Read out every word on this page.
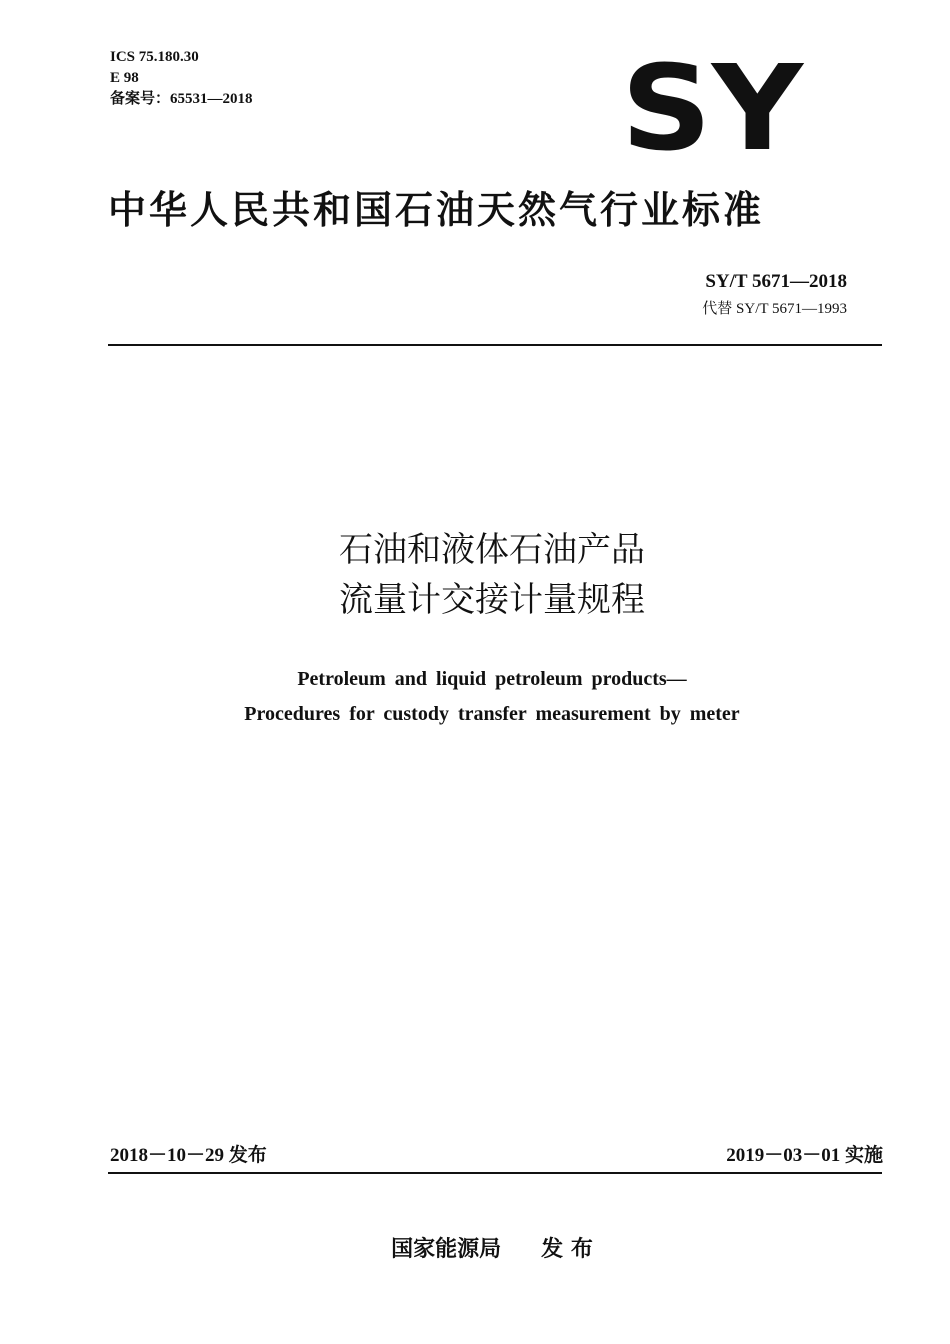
ICS 75.180.30
E 98
备案号：65531—2018	SY
中华人民共和国石油天然气行业标准
SY/T 5671—2018
代替 SY/T 5671—1993
石油和液体石油产品
流量计交接计量规程
Petroleum and liquid petroleum products—
Procedures for custody transfer measurement by meter
2018－10－29 发布	2019－03－01 实施
国家能源局 发 布
